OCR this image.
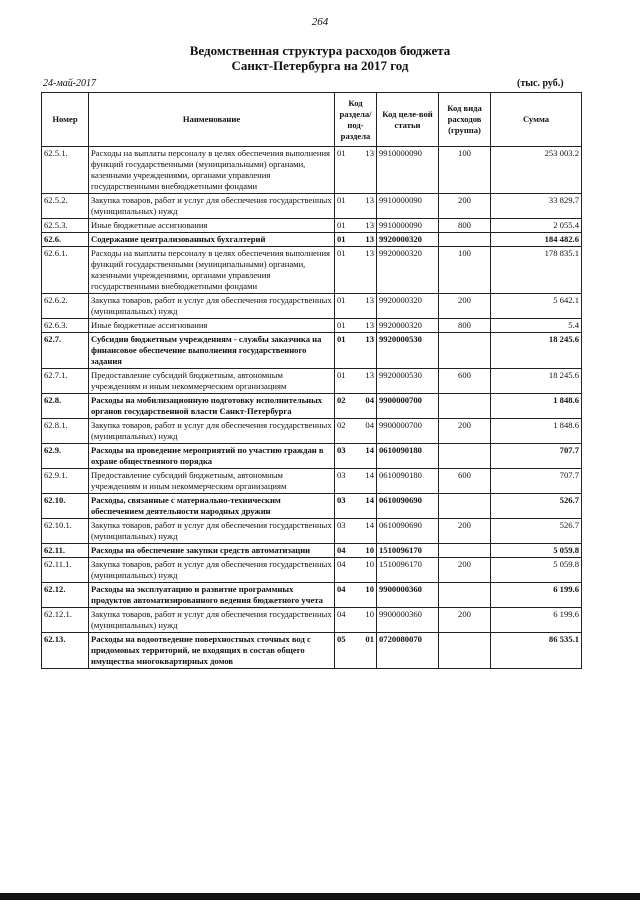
264
Ведомственная структура расходов бюджета
Санкт-Петербурга на 2017 год
24-май-2017	(тыс. руб.)
Номер	Наименование	Код раздела/ под-раздела		Код целе-вой статьи	Код вида расходов (группа)	Сумма
62.5.1.	Расходы на выплаты персоналу в целях обеспечения выполнения функций государственными (муниципальными) органами, казенными учреждениями, органами управления государственными внебюджетными фондами	01	13	9910000090	100	253 003.2
62.5.2.	Закупка товаров, работ и услуг для обеспечения государственных (муниципальных) нужд	01	13	9910000090	200	33 829.7
62.5.3.	Иные бюджетные ассигнования	01	13	9910000090	800	2 055.4
62.6.	Содержание централизованных бухгалтерий	01	13	9920000320		184 482.6
62.6.1.	Расходы на выплаты персоналу в целях обеспечения выполнения функций государственными (муниципальными) органами, казенными учреждениями, органами управления государственными внебюджетными фондами	01	13	9920000320	100	178 835.1
62.6.2.	Закупка товаров, работ и услуг для обеспечения государственных (муниципальных) нужд	01	13	9920000320	200	5 642.1
62.6.3.	Иные бюджетные ассигнования	01	13	9920000320	800	5.4
62.7.	Субсидии бюджетным учреждениям - службы заказчика на финансовое обеспечение выполнения государственного задания	01	13	9920000530		18 245.6
62.7.1.	Предоставление субсидий бюджетным, автономным учреждениям и иным некоммерческим организациям	01	13	9920000530	600	18 245.6
62.8.	Расходы на мобилизационную подготовку исполнительных органов государственной власти Санкт-Петербурга	02	04	9900000700		1 848.6
62.8.1.	Закупка товаров, работ и услуг для обеспечения государственных (муниципальных) нужд	02	04	9900000700	200	1 848.6
62.9.	Расходы на проведение мероприятий по участию граждан в охране общественного порядка	03	14	0610090180		707.7
62.9.1.	Предоставление субсидий бюджетным, автономным учреждениям и иным некоммерческим организациям	03	14	0610090180	600	707.7
62.10.	Расходы, связанные с материально-техническим обеспечением деятельности народных дружин	03	14	0610090690		526.7
62.10.1.	Закупка товаров, работ и услуг для обеспечения государственных (муниципальных) нужд	03	14	0610090690	200	526.7
62.11.	Расходы на обеспечение закупки средств автоматизации	04	10	1510096170		5 059.8
62.11.1.	Закупка товаров, работ и услуг для обеспечения государственных (муниципальных) нужд	04	10	1510096170	200	5 059.8
62.12.	Расходы на эксплуатацию и развитие программных продуктов автоматизированного ведения бюджетного учета	04	10	9900000360		6 199.6
62.12.1.	Закупка товаров, работ и услуг для обеспечения государственных (муниципальных) нужд	04	10	9900000360	200	6 199.6
62.13.	Расходы на водоотведение поверхностных сточных вод с придомовых территорий, не входящих в состав общего имущества многоквартирных домов	05	01	0720080070		86 535.1
